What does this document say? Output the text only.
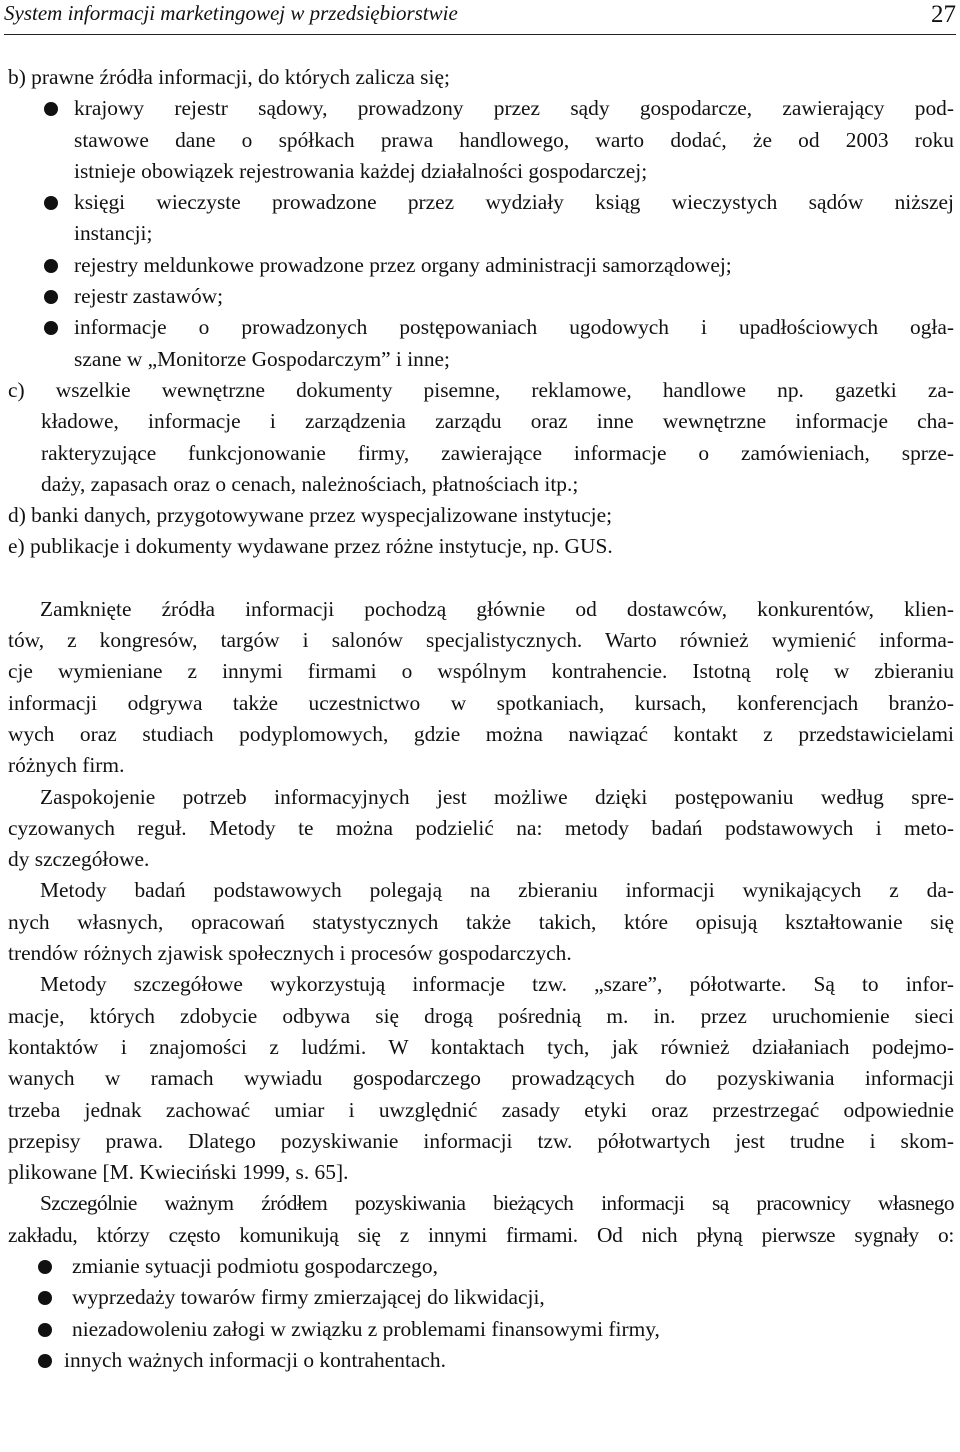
System informacji marketingowej w przedsiębiorstwie	27
b) prawne źródła informacji, do których zalicza się;
krajowy rejestr sądowy, prowadzony przez sądy gospodarcze, zawierający pod-
stawowe dane o spółkach prawa handlowego, warto dodać, że od 2003 roku
istnieje obowiązek rejestrowania każdej działalności gospodarczej;
księgi wieczyste prowadzone przez wydziały ksiąg wieczystych sądów niższej
instancji;
rejestry meldunkowe prowadzone przez organy administracji samorządowej;
rejestr zastawów;
informacje o prowadzonych postępowaniach ugodowych i upadłościowych ogła-
szane w „Monitorze Gospodarczym” i inne;
c) wszelkie wewnętrzne dokumenty pisemne, reklamowe, handlowe np. gazetki za-
kładowe, informacje i zarządzenia zarządu oraz inne wewnętrzne informacje cha-
rakteryzujące funkcjonowanie firmy, zawierające informacje o zamówieniach, sprze-
daży, zapasach oraz o cenach, należnościach, płatnościach itp.;
d) banki danych, przygotowywane przez wyspecjalizowane instytucje;
e) publikacje i dokumenty wydawane przez różne instytucje, np. GUS.
Zamknięte źródła informacji pochodzą głównie od dostawców, konkurentów, klien-
tów, z kongresów, targów i salonów specjalistycznych. Warto również wymienić informa-
cje wymieniane z innymi firmami o wspólnym kontrahencie. Istotną rolę w zbieraniu
informacji odgrywa także uczestnictwo w spotkaniach, kursach, konferencjach branżo-
wych oraz studiach podyplomowych, gdzie można nawiązać kontakt z przedstawicielami
różnych firm.
Zaspokojenie potrzeb informacyjnych jest możliwe dzięki postępowaniu według spre-
cyzowanych reguł. Metody te można podzielić na: metody badań podstawowych i meto-
dy szczegółowe.
Metody badań podstawowych polegają na zbieraniu informacji wynikających z da-
nych własnych, opracowań statystycznych także takich, które opisują kształtowanie się
trendów różnych zjawisk społecznych i procesów gospodarczych.
Metody szczegółowe wykorzystują informacje tzw. „szare”, półotwarte. Są to infor-
macje, których zdobycie odbywa się drogą pośrednią m. in. przez uruchomienie sieci
kontaktów i znajomości z ludźmi. W kontaktach tych, jak również działaniach podejmo-
wanych w ramach wywiadu gospodarczego prowadzących do pozyskiwania informacji
trzeba jednak zachować umiar i uwzględnić zasady etyki oraz przestrzegać odpowiednie
przepisy prawa. Dlatego pozyskiwanie informacji tzw. półotwartych jest trudne i skom-
plikowane [M. Kwieciński 1999, s. 65].
Szczególnie ważnym źródłem pozyskiwania bieżących informacji są pracownicy własnego
zakładu, którzy często komunikują się z innymi firmami. Od nich płyną pierwsze sygnały o:
zmianie sytuacji podmiotu gospodarczego,
wyprzedaży towarów firmy zmierzającej do likwidacji,
niezadowoleniu załogi w związku z problemami finansowymi firmy,
innych ważnych informacji o kontrahentach.
